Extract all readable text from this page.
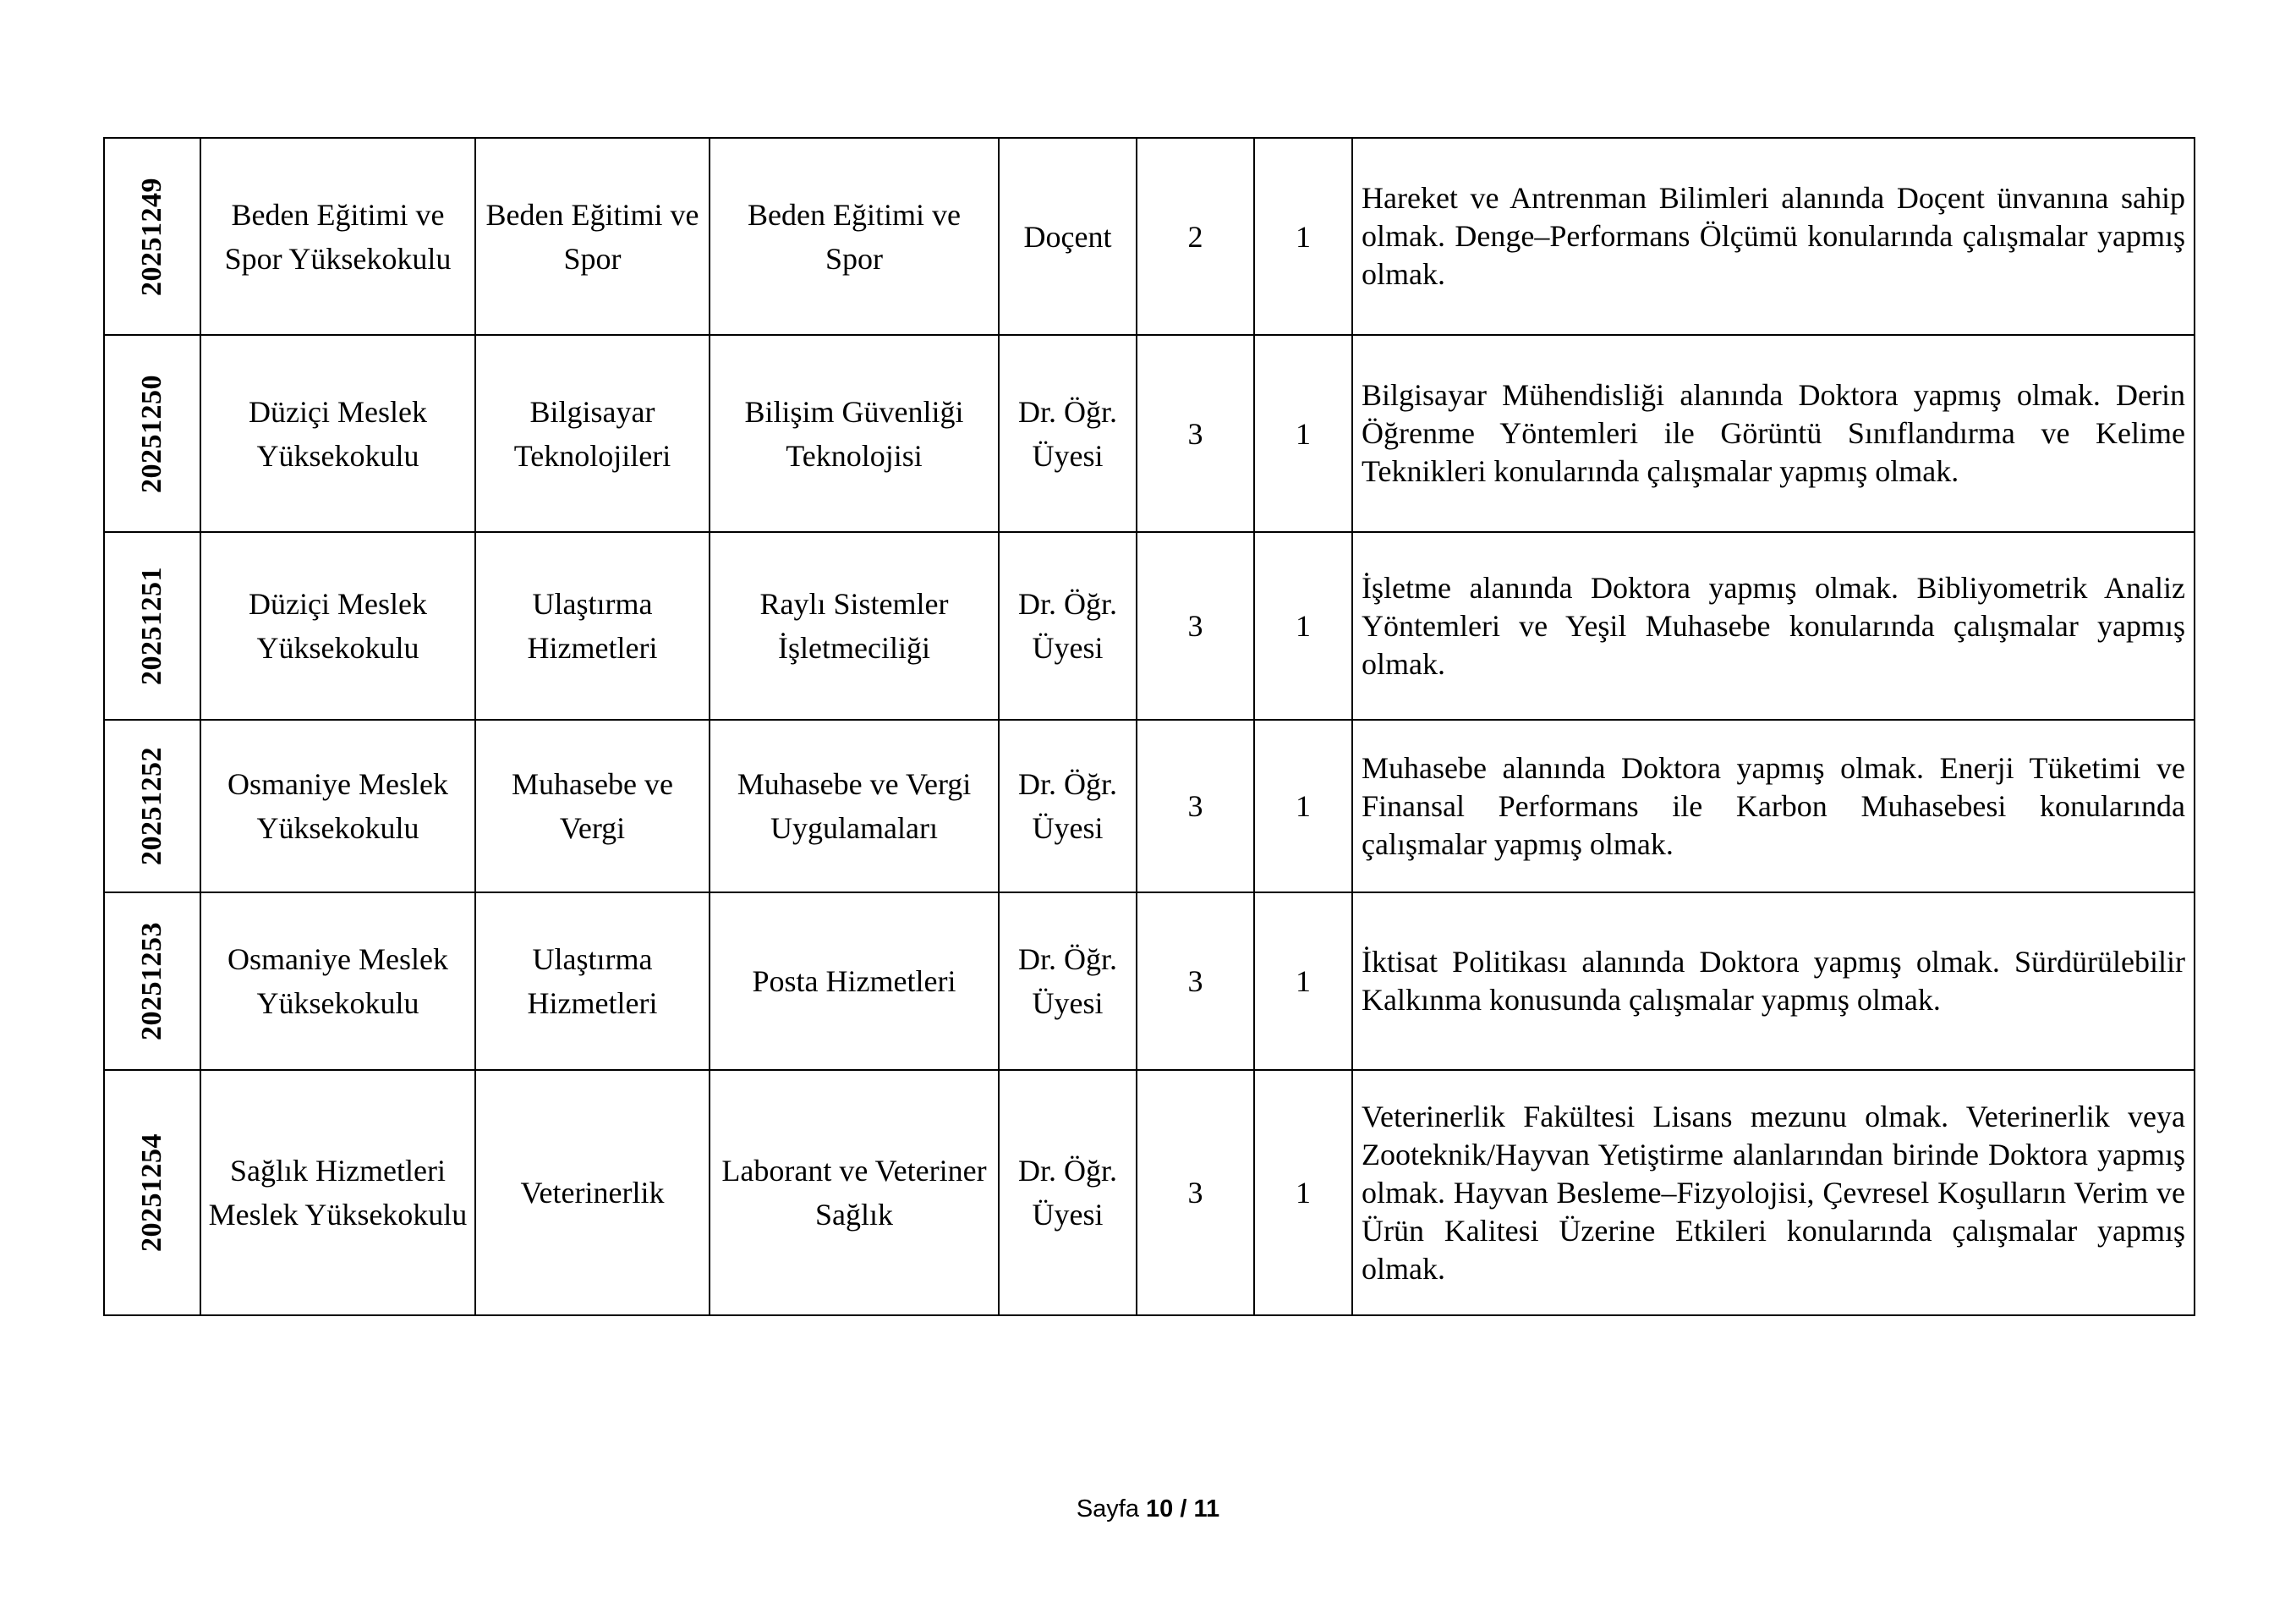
20251249	Beden Eğitimi ve Spor Yüksekokulu	Beden Eğitimi ve Spor	Beden Eğitimi ve Spor	Doçent	2	1	Hareket ve Antrenman Bilimleri alanında Doçent ünvanına sahip olmak. Denge–Performans Ölçümü konularında çalışmalar yapmış olmak.

20251250	Düziçi Meslek Yüksekokulu	Bilgisayar Teknolojileri	Bilişim Güvenliği Teknolojisi	Dr. Öğr. Üyesi	3	1	Bilgisayar Mühendisliği alanında Doktora yapmış olmak. Derin Öğrenme Yöntemleri ile Görüntü Sınıflandırma ve Kelime Teknikleri konularında çalışmalar yapmış olmak.

20251251	Düziçi Meslek Yüksekokulu	Ulaştırma Hizmetleri	Raylı Sistemler İşletmeciliği	Dr. Öğr. Üyesi	3	1	İşletme alanında Doktora yapmış olmak. Bibliyometrik Analiz Yöntemleri ve Yeşil Muhasebe konularında çalışmalar yapmış olmak.

20251252	Osmaniye Meslek Yüksekokulu	Muhasebe ve Vergi	Muhasebe ve Vergi Uygulamaları	Dr. Öğr. Üyesi	3	1	Muhasebe alanında Doktora yapmış olmak. Enerji Tüketimi ve Finansal Performans ile Karbon Muhasebesi konularında çalışmalar yapmış olmak.

20251253	Osmaniye Meslek Yüksekokulu	Ulaştırma Hizmetleri	Posta Hizmetleri	Dr. Öğr. Üyesi	3	1	İktisat Politikası alanında Doktora yapmış olmak. Sürdürülebilir Kalkınma konusunda çalışmalar yapmış olmak.

20251254	Sağlık Hizmetleri Meslek Yüksekokulu	Veterinerlik	Laborant ve Veteriner Sağlık	Dr. Öğr. Üyesi	3	1	Veterinerlik Fakültesi Lisans mezunu olmak. Veterinerlik veya Zooteknik/Hayvan Yetiştirme alanlarından birinde Doktora yapmış olmak. Hayvan Besleme–Fizyolojisi, Çevresel Koşulların Verim ve Ürün Kalitesi Üzerine Etkileri konularında çalışmalar yapmış olmak.
Sayfa 10 / 11
